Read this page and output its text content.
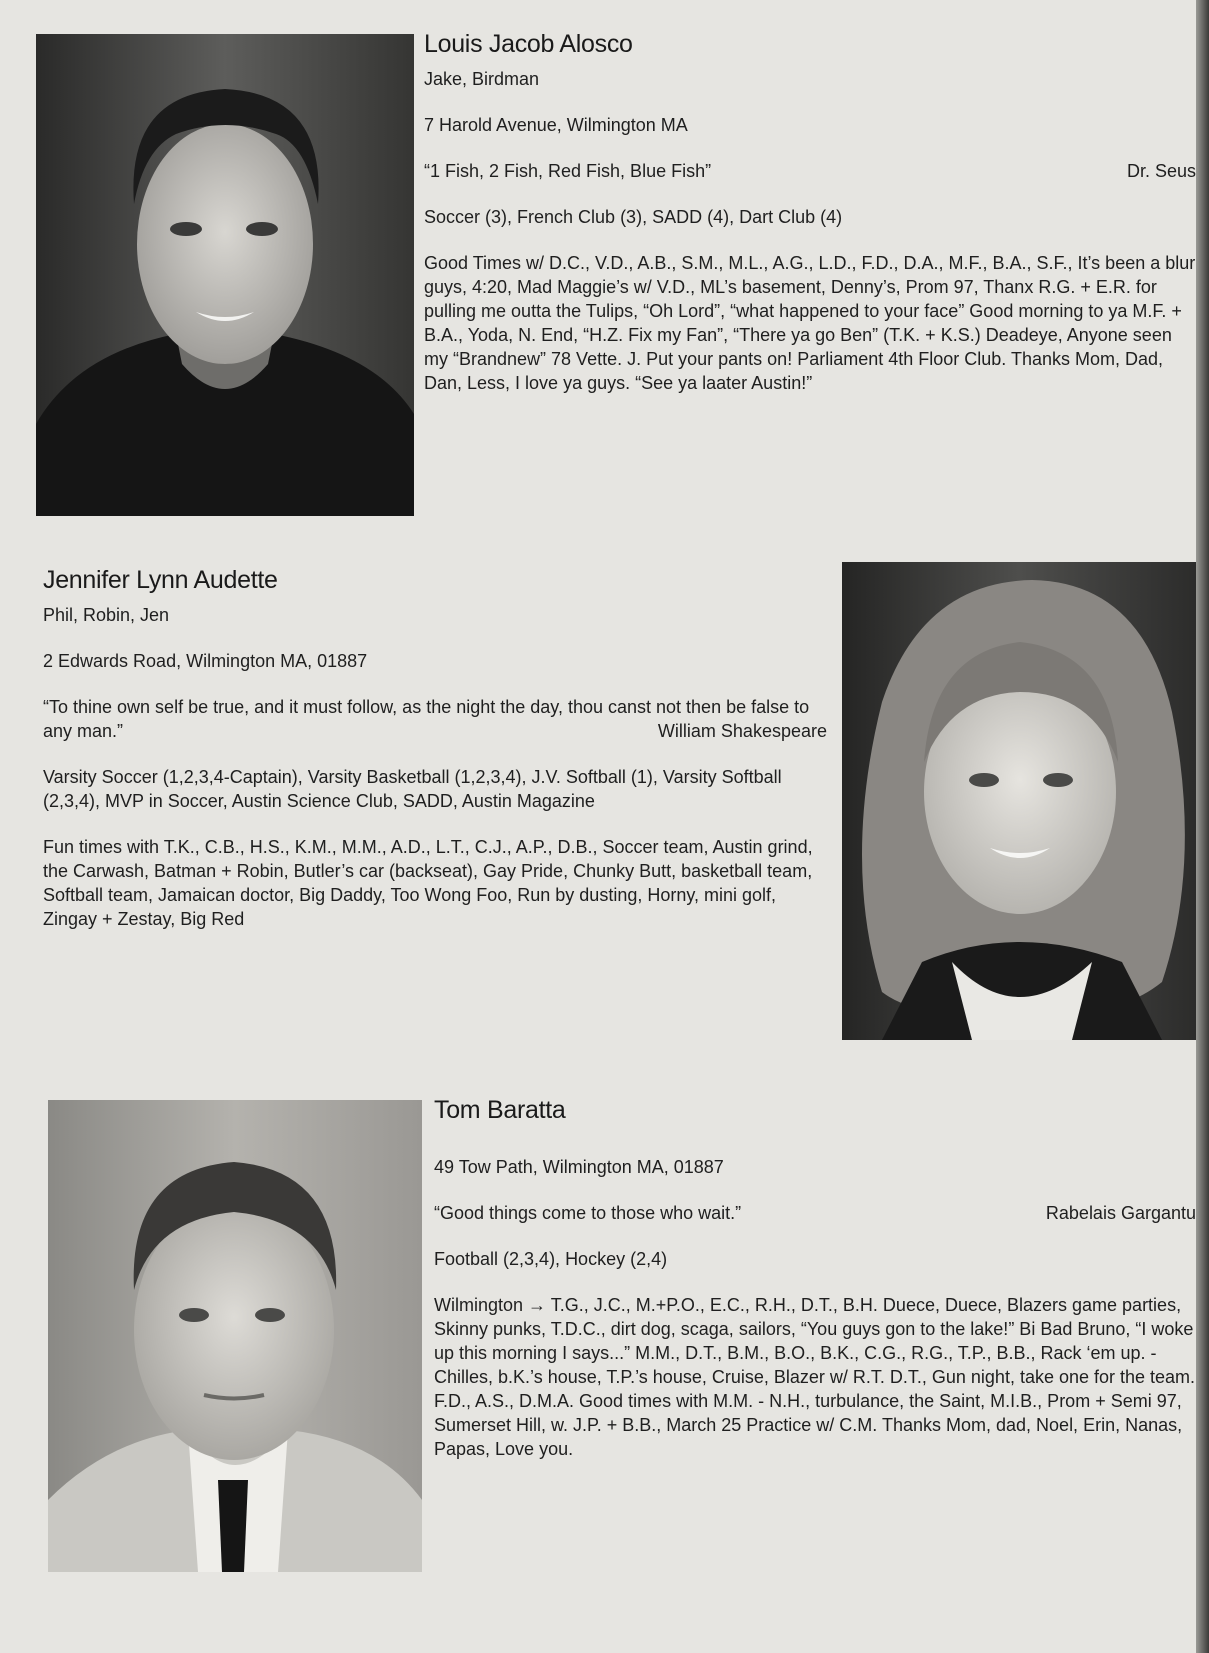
Louis Jacob Alosco

Jake, Birdman

7 Harold Avenue, Wilmington MA

“1 Fish, 2 Fish, Red Fish, Blue Fish”	Dr. Seus

Soccer (3), French Club (3), SADD (4), Dart Club (4)

Good Times w/ D.C., V.D., A.B., S.M., M.L., A.G., L.D., F.D., D.A., M.F., B.A., S.F., It’s been a blur guys, 4:20, Mad Maggie’s w/ V.D., ML’s basement, Denny’s, Prom 97, Thanx R.G. + E.R. for pulling me outta the Tulips, “Oh Lord”, “what happened to your face” Good morning to ya M.F. + B.A., Yoda, N. End, “H.Z. Fix my Fan”, “There ya go Ben” (T.K. + K.S.) Deadeye, Anyone seen my “Brandnew” 78 Vette. J. Put your pants on! Parliament 4th Floor Club. Thanks Mom, Dad, Dan, Less, I love ya guys. “See ya laater Austin!”

Jennifer Lynn Audette

Phil, Robin, Jen

2 Edwards Road, Wilmington MA, 01887

“To thine own self be true, and it must follow, as the night the day, thou canst not then be false to any man.”	William Shakespeare

Varsity Soccer (1,2,3,4-Captain), Varsity Basketball (1,2,3,4), J.V. Softball (1), Varsity Softball (2,3,4), MVP in Soccer, Austin Science Club, SADD, Austin Magazine

Fun times with T.K., C.B., H.S., K.M., M.M., A.D., L.T., C.J., A.P., D.B., Soccer team, Austin grind, the Carwash, Batman + Robin, Butler’s car (backseat), Gay Pride, Chunky Butt, basketball team, Softball team, Jamaican doctor, Big Daddy, Too Wong Foo, Run by dusting, Horny, mini golf, Zingay + Zestay, Big Red

Tom Baratta

49 Tow Path, Wilmington MA, 01887

“Good things come to those who wait.”	Rabelais Gargantu

Football (2,3,4), Hockey (2,4)

Wilmington → T.G., J.C., M.+P.O., E.C., R.H., D.T., B.H. Duece, Duece, Blazers game parties, Skinny punks, T.D.C., dirt dog, scaga, sailors, “You guys gon to the lake!” Bi Bad Bruno, “I woke up this morning I says...” M.M., D.T., B.M., B.O., B.K., C.G., R.G., T.P., B.B., Rack ‘em up. - Chilles, b.K.’s house, T.P.’s house, Cruise, Blazer w/ R.T. D.T., Gun night, take one for the team. F.D., A.S., D.M.A. Good times with M.M. - N.H., turbulance, the Saint, M.I.B., Prom + Semi 97, Sumerset Hill, w. J.P. + B.B., March 25 Practice w/ C.M. Thanks Mom, dad, Noel, Erin, Nanas, Papas, Love you.
